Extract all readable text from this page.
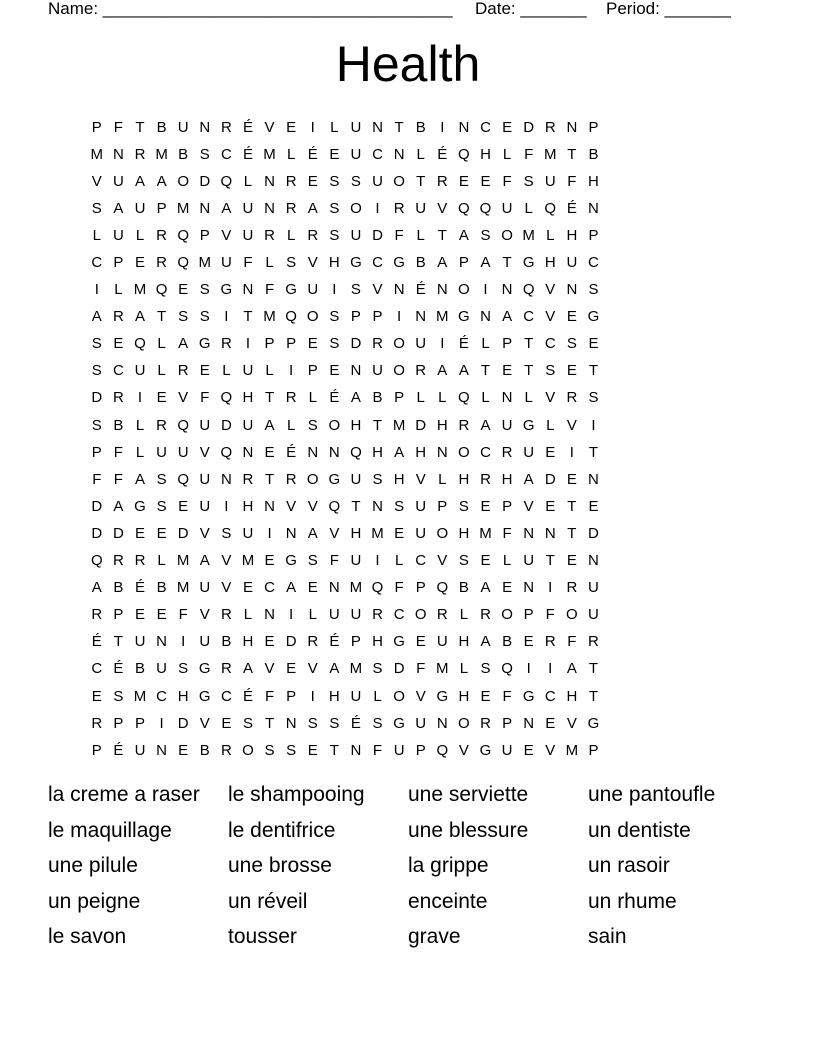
Name: _____________________________________ Date: _______ Period: _______
Health
P F T B U N R É V E I	L U N T B I N C E D R N P
M N R M B S C É M L É E U C N L É Q H L F M T B
V U A A O D Q L N R E S S U O T R E E F S U F H
S A U P M N A U N R A S O I R U V Q Q U L Q É N
L U L R Q P V U R L R S U D F L T A S O M L H P
C P E R Q M U F L S V H G C G B A P A T G H U C
I	L M Q E S G N F G U I S V N É N O I N Q V N S
A R A T S S I T M Q O S P P I N M G N A C V E G
S E Q L A G R I P P E S D R O U I É L P T C S E
S C U L R E L U L	I P E N U O R A A T E T S E T
D R I E V F Q H T R L É A B P L L Q L N L V R S
S B L R Q U D U A L S O H T M D H R A U G L V I
P F L U U V Q N E É N N Q H A H N O C R U E I T
F F A S Q U N R T R O G U S H V L H R H A D E N
D A G S E U I H N V V Q T N S U P S E P V E T E
D D E E D V S U I N A V H M E U O H M F N N T D
Q R R L M A V M E G S F U I	L C V S E L U T E N
A B É B M U V E C A E N M Q F P Q B A E N I R U
R P E E F V R L N I	L U U R C O R L R O P F O U
É T U N I U B H E D R É P H G E U H A B E R F R
C É B U S G R A V E V A M S D F M L S Q I	I A T
E S M C H G C É F P I H U L O V G H E F G C H T
R P P I D V E S T N S S É S G U N O R P N E V G
P É U N E B R O S S E T N F U P Q V G U E V M P
la creme a raser	le shampooing	une serviette	une pantoufle
le maquillage	le dentifrice	une blessure	un dentiste
une pilule	une brosse	la grippe	un rasoir
un peigne	un réveil	enceinte	un rhume
le savon	tousser	grave	sain
